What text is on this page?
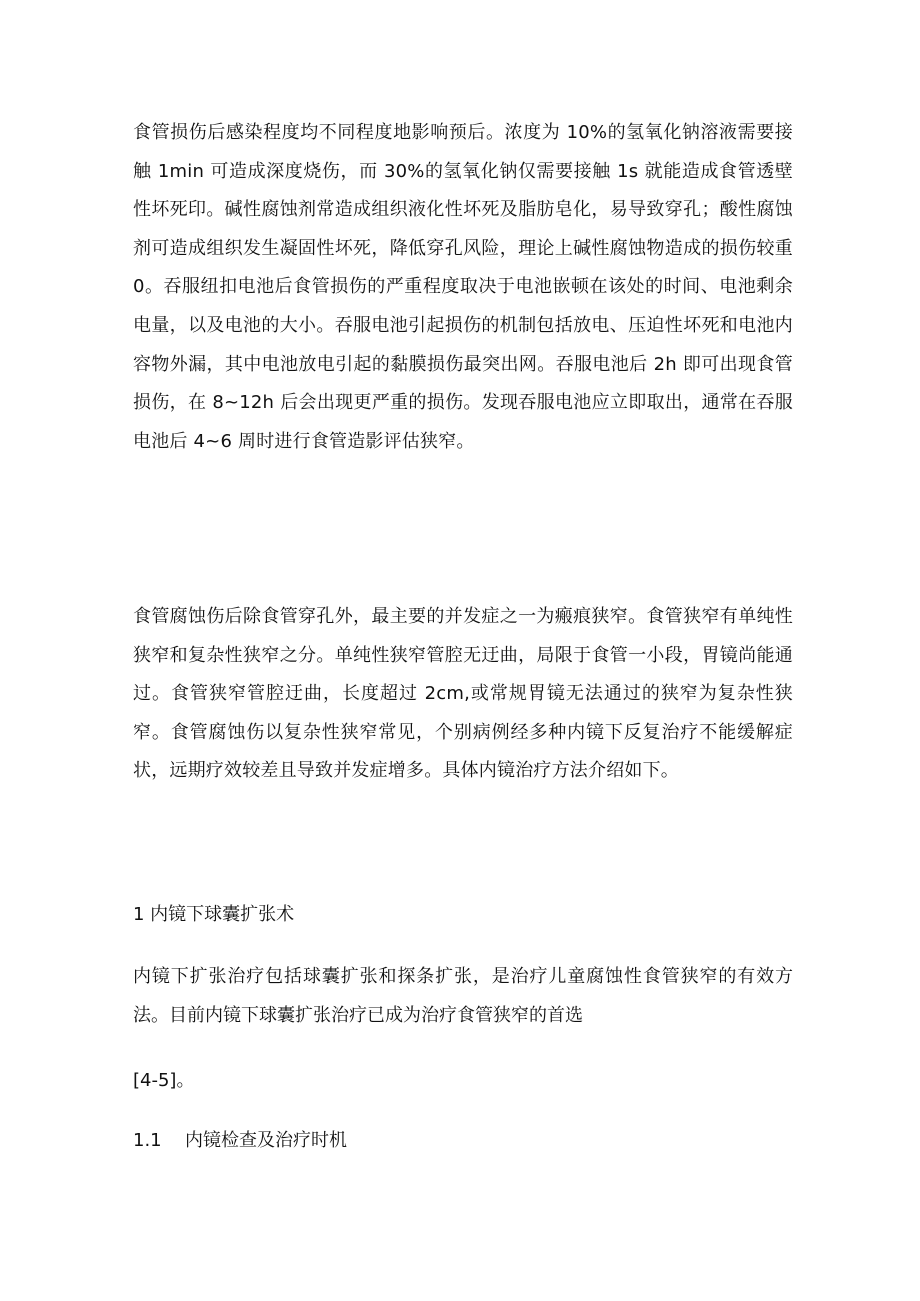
食管损伤后感染程度均不同程度地影响预后。浓度为 10%的氢氧化钠溶液需要接触 1min 可造成深度烧伤，而 30%的氢氧化钠仅需要接触 1s 就能造成食管透壁性坏死印。碱性腐蚀剂常造成组织液化性坏死及脂肪皂化，易导致穿孔；酸性腐蚀剂可造成组织发生凝固性坏死，降低穿孔风险，理论上碱性腐蚀物造成的损伤较重 0。吞服纽扣电池后食管损伤的严重程度取决于电池嵌顿在该处的时间、电池剩余电量，以及电池的大小。吞服电池引起损伤的机制包括放电、压迫性坏死和电池内容物外漏，其中电池放电引起的黏膜损伤最突出网。吞服电池后 2h 即可出现食管损伤，在 8~12h 后会出现更严重的损伤。发现吞服电池应立即取出，通常在吞服电池后 4~6 周时进行食管造影评估狭窄。

食管腐蚀伤后除食管穿孔外，最主要的并发症之一为瘢痕狭窄。食管狭窄有单纯性狭窄和复杂性狭窄之分。单纯性狭窄管腔无迂曲，局限于食管一小段，胃镜尚能通过。食管狭窄管腔迂曲，长度超过 2cm,或常规胃镜无法通过的狭窄为复杂性狭窄。食管腐蚀伤以复杂性狭窄常见，个别病例经多种内镜下反复治疗不能缓解症状，远期疗效较差且导致并发症增多。具体内镜治疗方法介绍如下。

1 内镜下球囊扩张术

内镜下扩张治疗包括球囊扩张和探条扩张，是治疗儿童腐蚀性食管狭窄的有效方法。目前内镜下球囊扩张治疗已成为治疗食管狭窄的首选

[4-5]。

1.1 内镜检查及治疗时机
